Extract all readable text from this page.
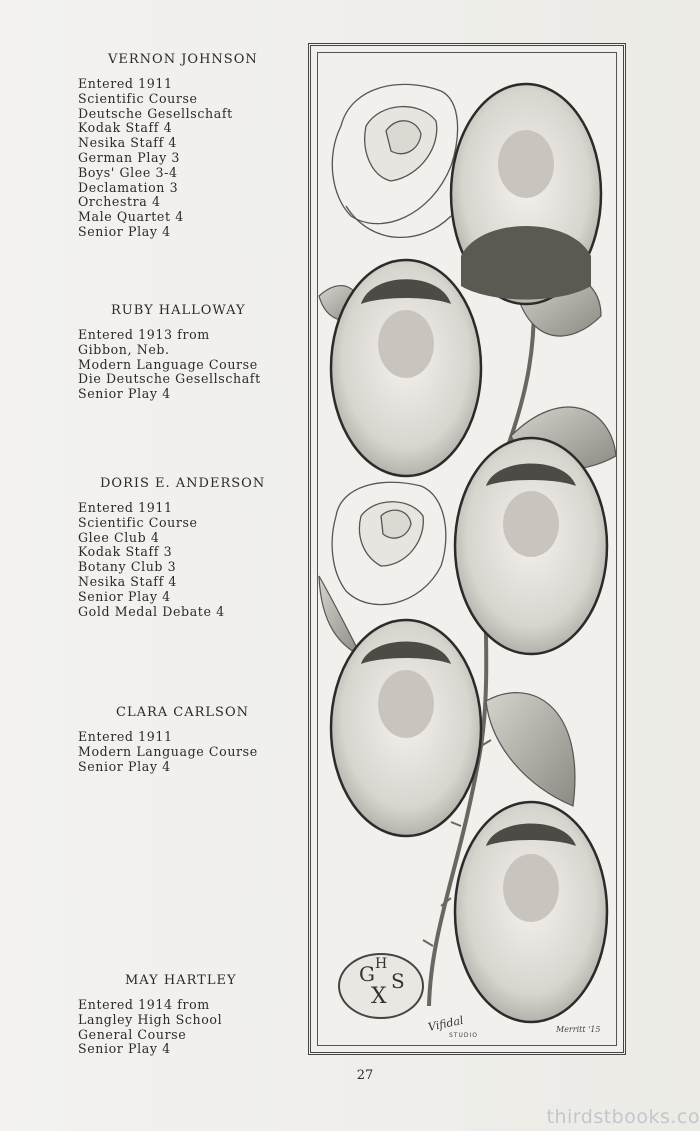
VERNON JOHNSON
Entered 1911
Scientific Course
Deutsche Gesellschaft
Kodak Staff 4
Nesika Staff 4
German Play 3
Boys' Glee 3-4
Declamation 3
Orchestra 4
Male Quartet 4
Senior Play 4
RUBY HALLOWAY
Entered 1913 from
Gibbon, Neb.
Modern Language Course
Die Deutsche Gesellschaft
Senior Play 4
DORIS E. ANDERSON
Entered 1911
Scientific Course
Glee Club 4
Kodak Staff 3
Botany Club 3
Nesika Staff 4
Senior Play 4
Gold Medal Debate 4
CLARA CARLSON
Entered 1911
Modern Language Course
Senior Play 4
MAY HARTLEY
Entered 1914 from
Langley High School
General Course
Senior Play 4
G H
X
S
Vifidal
STUDIO
Merritt '15
27
thirdstbooks.co
